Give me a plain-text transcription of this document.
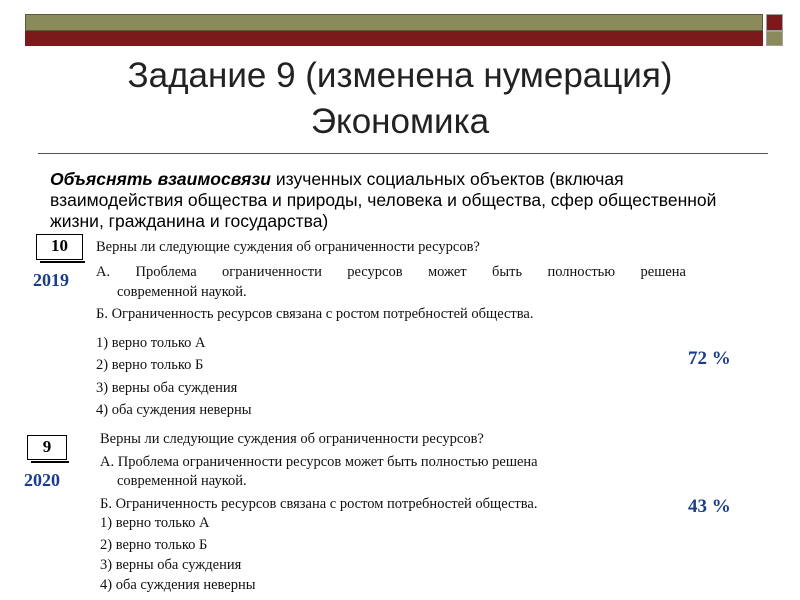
Задание 9 (изменена нумерация)
Экономика
Объяснять взаимосвязи изученных социальных объектов (включая взаимодействия общества и природы, человека и общества, сфер общественной жизни, гражданина и государства)
10
2019
72 %
Верны ли следующие суждения об ограниченности ресурсов?
А. Проблема ограниченности ресурсов может быть полностью решена
современной наукой.
Б. Ограниченность ресурсов связана с ростом потребностей общества.
1) верно только А
2) верно только Б
3) верны оба суждения
4) оба суждения неверны
9
2020
43 %
Верны ли следующие суждения об ограниченности ресурсов?
А. Проблема ограниченности ресурсов может быть полностью решена
современной наукой.
Б. Ограниченность ресурсов связана с ростом потребностей общества.
1) верно только А
2) верно только Б
3) верны оба суждения
4) оба суждения неверны
